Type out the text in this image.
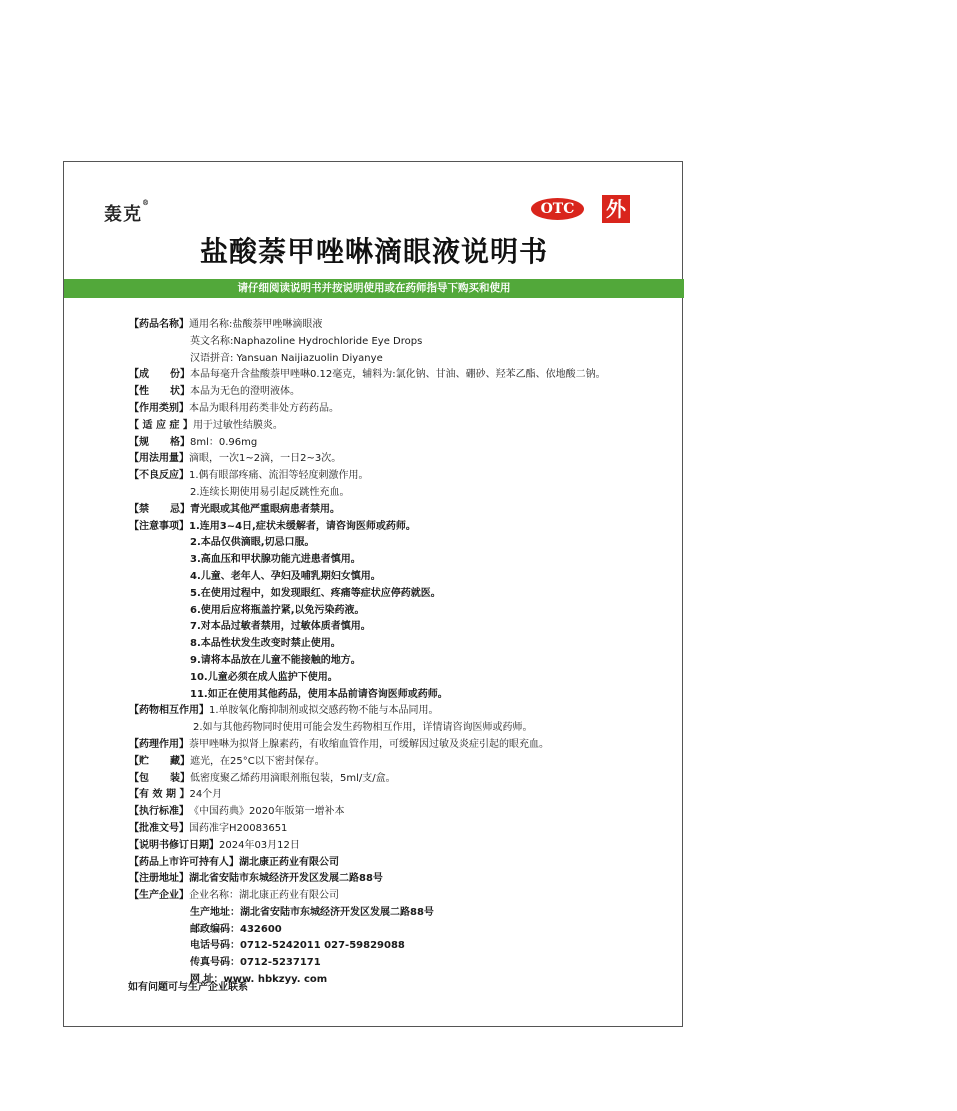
轰克®	OTC	外
盐酸萘甲唑啉滴眼液说明书
请仔细阅读说明书并按说明使用或在药师指导下购买和使用
【药品名称】 通用名称:盐酸萘甲唑啉滴眼液
英文名称:Naphazoline Hydrochloride Eye Drops
汉语拼音: Yansuan Naijiazuolin Diyanye
【成 份】 本品每毫升含盐酸萘甲唑啉0.12毫克，辅料为:氯化钠、甘油、硼砂、羟苯乙酯、依地酸二钠。
【性 状】 本品为无色的澄明液体。
【作用类别】 本品为眼科用药类非处方药药品。
【 适 应 症 】 用于过敏性结膜炎。
【规 格】 8ml：0.96mg
【用法用量】 滴眼，一次1~2滴，一日2~3次。
【不良反应】 1.偶有眼部疼痛、流泪等轻度刺激作用。
2.连续长期使用易引起反跳性充血。
【禁 忌】 青光眼或其他严重眼病患者禁用。
【注意事项】 1.连用3~4日,症状未缓解者，请咨询医师或药师。
2.本品仅供滴眼,切忌口服。
3.高血压和甲状腺功能亢进患者慎用。
4.儿童、老年人、孕妇及哺乳期妇女慎用。
5.在使用过程中，如发现眼红、疼痛等症状应停药就医。
6.使用后应将瓶盖拧紧,以免污染药液。
7.对本品过敏者禁用，过敏体质者慎用。
8.本品性状发生改变时禁止使用。
9.请将本品放在儿童不能接触的地方。
10.儿童必须在成人监护下使用。
11.如正在使用其他药品，使用本品前请咨询医师或药师。
【药物相互作用】 1.单胺氧化酶抑制剂或拟交感药物不能与本品同用。
2.如与其他药物同时使用可能会发生药物相互作用，详情请咨询医师或药师。
【药理作用】 萘甲唑啉为拟肾上腺素药，有收缩血管作用，可缓解因过敏及炎症引起的眼充血。
【贮 藏】 遮光，在25°C以下密封保存。
【包 装】 低密度聚乙烯药用滴眼剂瓶包装，5ml/支/盒。
【有 效 期 】 24个月
【执行标准】 《中国药典》2020年版第一增补本
【批准文号】 国药准字H20083651
【说明书修订日期】 2024年03月12日
【药品上市许可持有人】 湖北康正药业有限公司
【注册地址】 湖北省安陆市东城经济开发区发展二路88号
【生产企业】 企业名称：湖北康正药业有限公司
生产地址：湖北省安陆市东城经济开发区发展二路88号
邮政编码：432600
电话号码：0712-5242011 027-59829088
传真号码：0712-5237171
网 址：www. hbkzyy. com
如有问题可与生产企业联系
